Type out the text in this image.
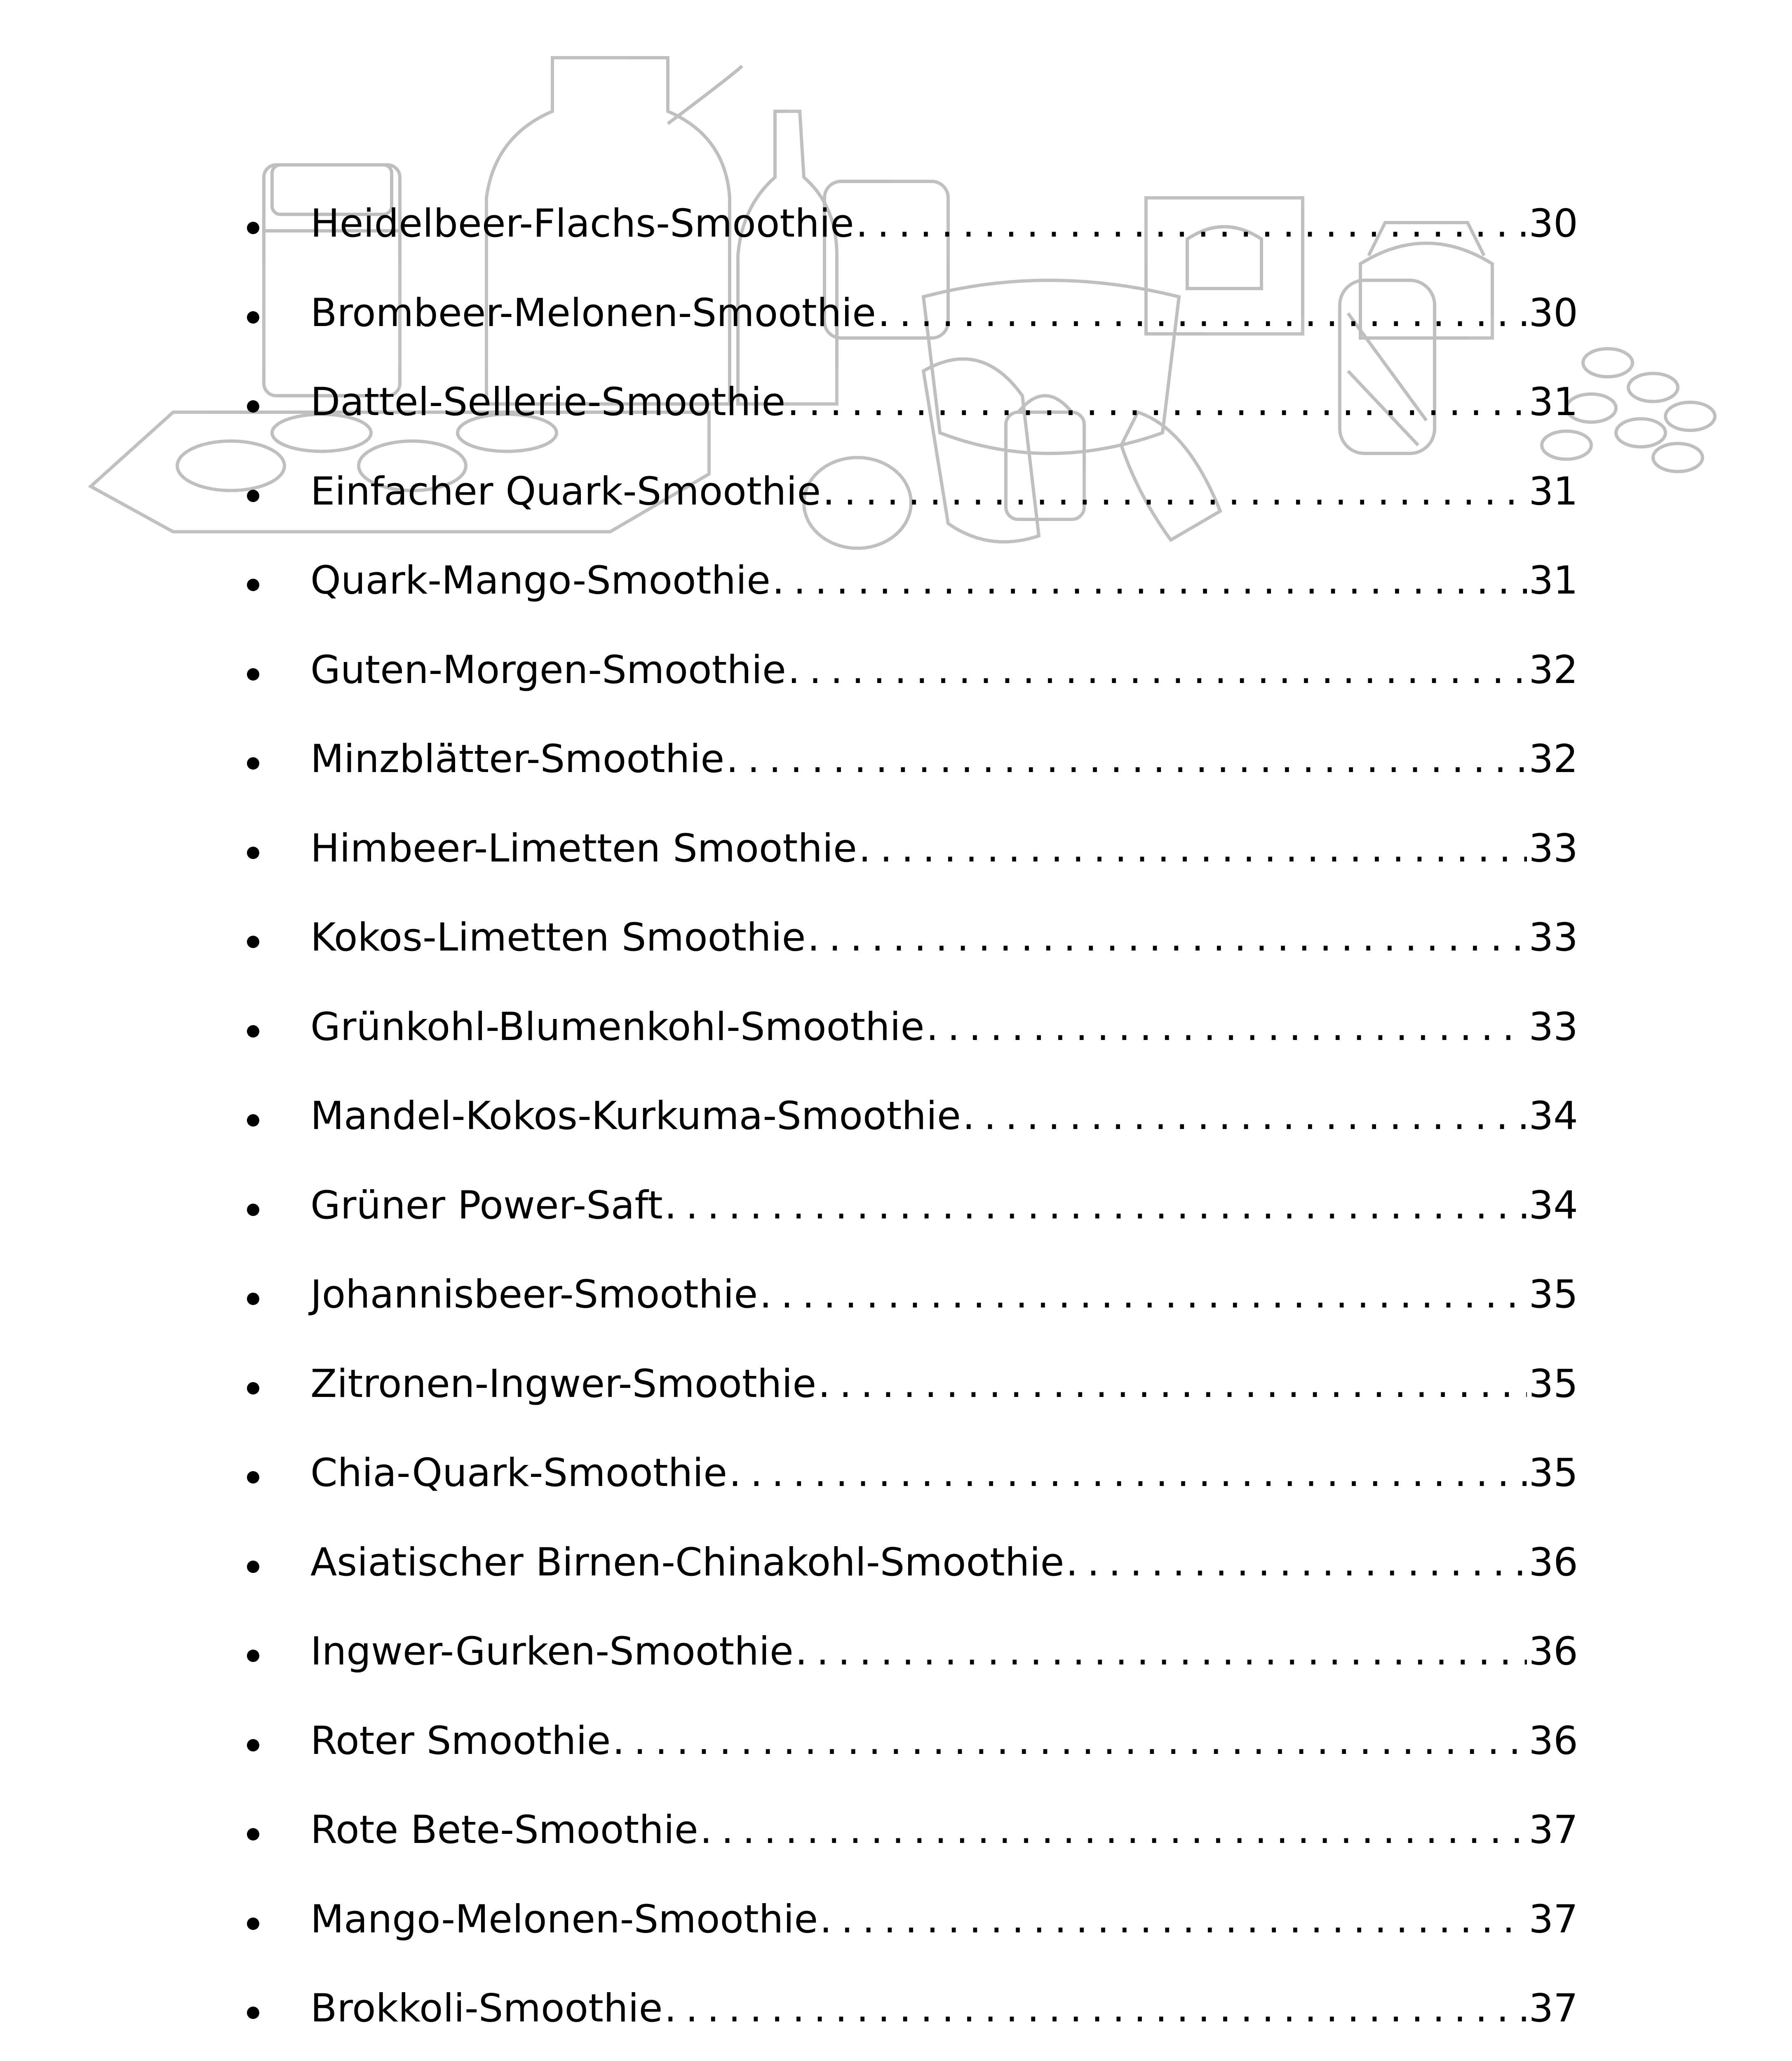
Heidelbeer-Flachs-Smoothie . . .	30
Brombeer-Melonen-Smoothie . . .	30
Dattel-Sellerie-Smoothie . . .	31
Einfacher Quark-Smoothie . . .	31
Quark-Mango-Smoothie . . .	31
Guten-Morgen-Smoothie . . .	32
Minzblätter-Smoothie . . .	32
Himbeer-Limetten Smoothie . . .	33
Kokos-Limetten Smoothie . . .	33
Grünkohl-Blumenkohl-Smoothie . . .	33
Mandel-Kokos-Kurkuma-Smoothie . . .	34
Grüner Power-Saft . . .	34
Johannisbeer-Smoothie . . .	35
Zitronen-Ingwer-Smoothie . . .	35
Chia-Quark-Smoothie . . .	35
Asiatischer Birnen-Chinakohl-Smoothie . . .	36
Ingwer-Gurken-Smoothie . . .	36
Roter Smoothie . . .	36
Rote Bete-Smoothie . . .	37
Mango-Melonen-Smoothie . . .	37
Brokkoli-Smoothie . . .	37
